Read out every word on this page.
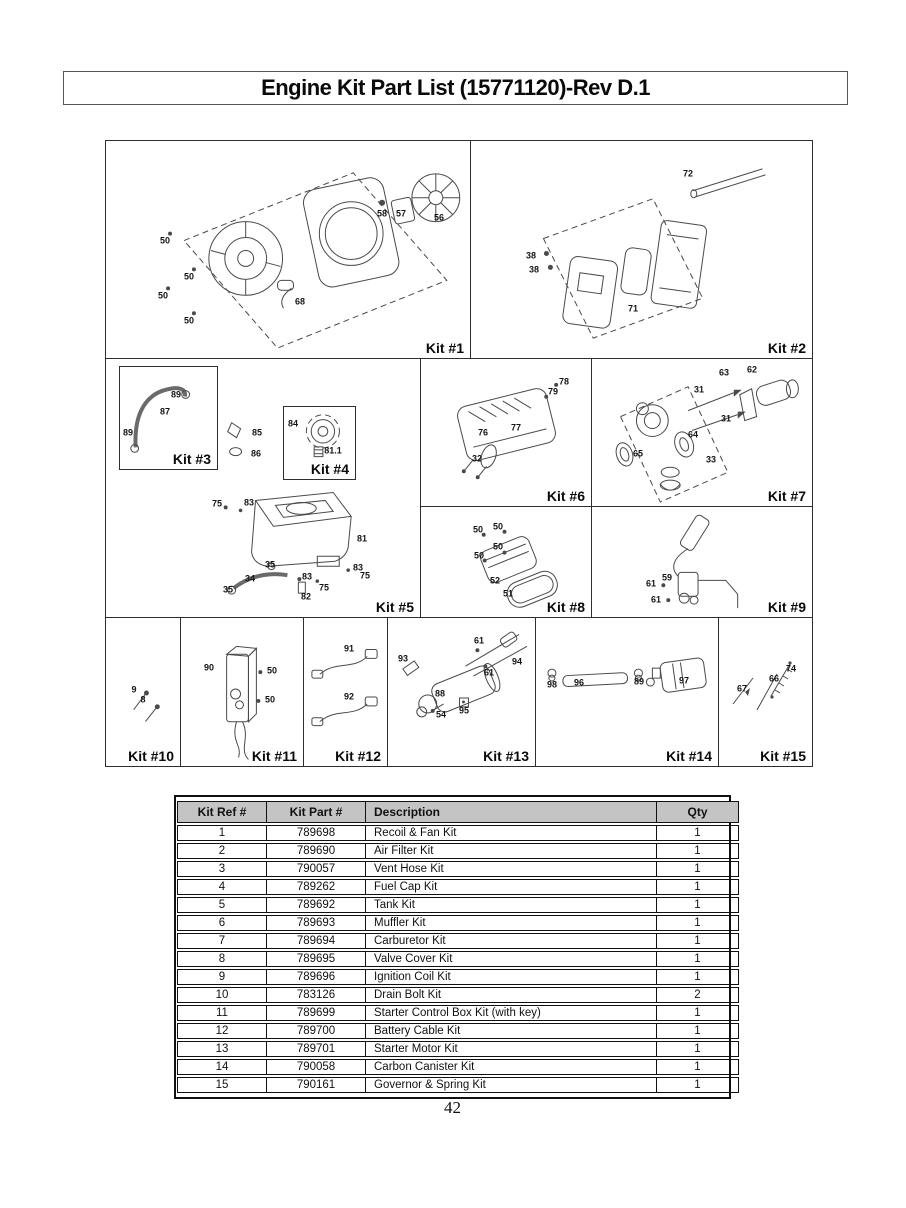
Engine Kit Part List (15771120)-Rev D.1
Kit #1
50
50
50
50
68
58 57	56
Kit #2
72
38
38
71
Kit #3
89
87
89
Kit #4
84
81.1
Kit #5
75 83
81
35
34
35
83
82
83
75
75
85
86
Kit #6
78
79
77
76
32
Kit #7
63 62
31
31
64
65
33
Kit #8
50 50
50
50
52
51
Kit #9
59
61
61
Kit #10
9
8
Kit #11
90	50
50
Kit #12
91
92
Kit #13
93
61
94
61
88
95
54
Kit #14
98 96	89	97
Kit #15
67
66
74
Kit Ref #	Kit Part #	Description	Qty
1	789698	Recoil & Fan Kit	1
2	789690	Air Filter Kit	1
3	790057	Vent Hose Kit	1
4	789262	Fuel Cap Kit	1
5	789692	Tank Kit	1
6	789693	Muffler Kit	1
7	789694	Carburetor Kit	1
8	789695	Valve Cover Kit	1
9	789696	Ignition Coil Kit	1
10	783126	Drain Bolt Kit	2
11	789699	Starter Control Box Kit (with key)	1
12	789700	Battery Cable Kit	1
13	789701	Starter Motor Kit	1
14	790058	Carbon Canister Kit	1
15	790161	Governor & Spring Kit	1
42
